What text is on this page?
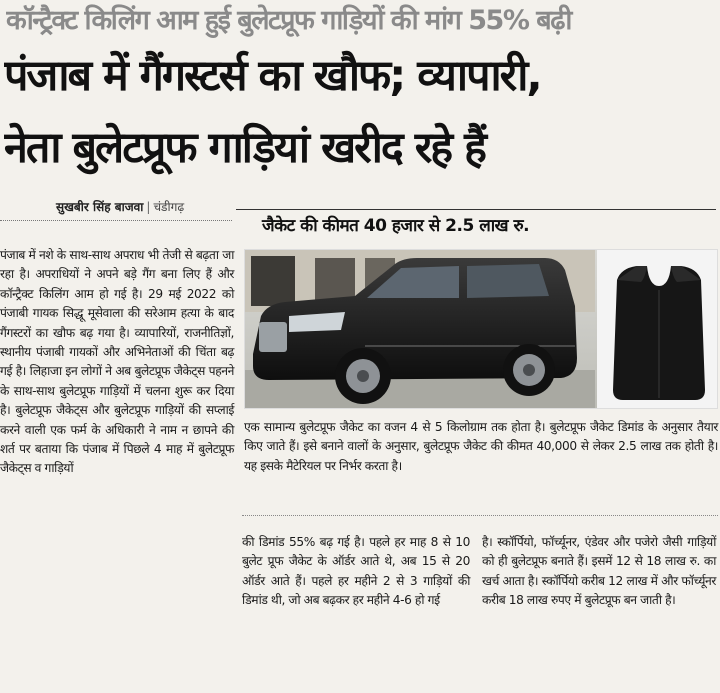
कॉन्ट्रैक्ट किलिंग आम हुई बुलेटप्रूफ गाड़ियों की मांग 55% बढ़ी
पंजाब में गैंगस्टर्स का खौफ; व्यापारी,
नेता बुलेटप्रूफ गाड़ियां खरीद रहे हैं
सुखबीर सिंह बाजवा | चंडीगढ़
जैकेट की कीमत 40 हजार से 2.5 लाख रु.
पंजाब में नशे के साथ-साथ अपराध भी तेजी से बढ़ता जा रहा है। अपराधियों ने अपने बड़े गैंग बना लिए हैं और कॉन्ट्रैक्ट किलिंग आम हो गई है। 29 मई 2022 को पंजाबी गायक सिद्धू मूसेवाला की सरेआम हत्या के बाद गैंगस्टरों का खौफ बढ़ गया है। व्यापारियों, राजनीतिज्ञों, स्थानीय पंजाबी गायकों और अभिनेताओं की चिंता बढ़ गई है। लिहाजा इन लोगों ने अब बुलेटप्रूफ जैकेट्स पहनने के साथ-साथ बुलेटप्रूफ गाड़ियों में चलना शुरू कर दिया है। बुलेटप्रूफ जैकेट्स और बुलेटप्रूफ गाड़ियों की सप्लाई करने वाली एक फर्म के अधिकारी ने नाम न छापने की शर्त पर बताया कि पंजाब में पिछले 4 माह में बुलेटप्रूफ जैकेट्स व गाड़ियों
एक सामान्य बुलेटप्रूफ जैकेट का वजन 4 से 5 किलोग्राम तक होता है। बुलेटप्रूफ जैकेट डिमांड के अनुसार तैयार किए जाते हैं। इसे बनाने वालों के अनुसार, बुलेटप्रूफ जैकेट की कीमत 40,000 से लेकर 2.5 लाख तक होती है। यह इसके मैटेरियल पर निर्भर करता है।
की डिमांड 55% बढ़ गई है। पहले हर माह 8 से 10 बुलेट प्रूफ जैकेट के ऑर्डर आते थे, अब 15 से 20 ऑर्डर आते हैं। पहले हर महीने 2 से 3 गाड़ियों की डिमांड थी, जो अब बढ़कर हर महीने 4-6 हो गई
है। स्कॉर्पियो, फॉर्च्यूनर, एंडेवर और पजेरो जैसी गाड़ियों को ही बुलेटप्रूफ बनाते हैं। इसमें 12 से 18 लाख रु. का खर्च आता है। स्कॉर्पियो करीब 12 लाख में और फॉर्च्यूनर करीब 18 लाख रुपए में बुलेटप्रूफ बन जाती है।
